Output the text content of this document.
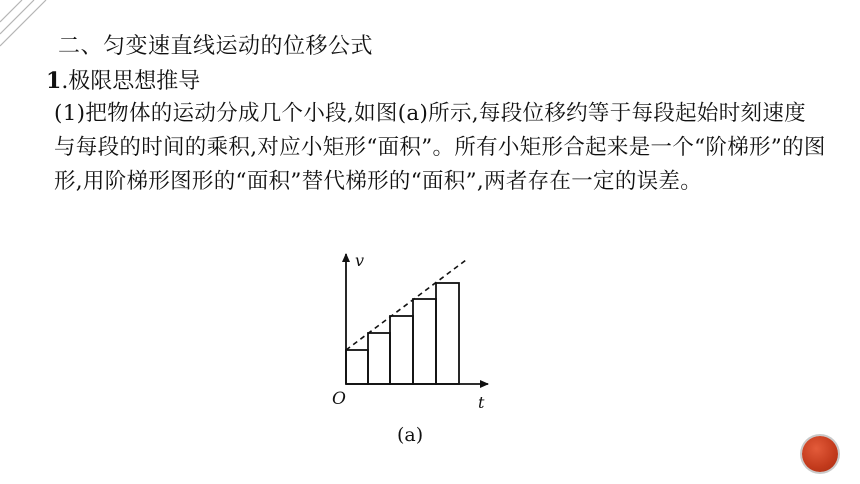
二、匀变速直线运动的位移公式
1.极限思想推导
(1)把物体的运动分成几个小段,如图(a)所示,每段位移约等于每段起始时刻速度与每段的时间的乘积,对应小矩形“面积”。所有小矩形合起来是一个“阶梯形”的图形,用阶梯形图形的“面积”替代梯形的“面积”,两者存在一定的误差。
v
t
O
(a)
